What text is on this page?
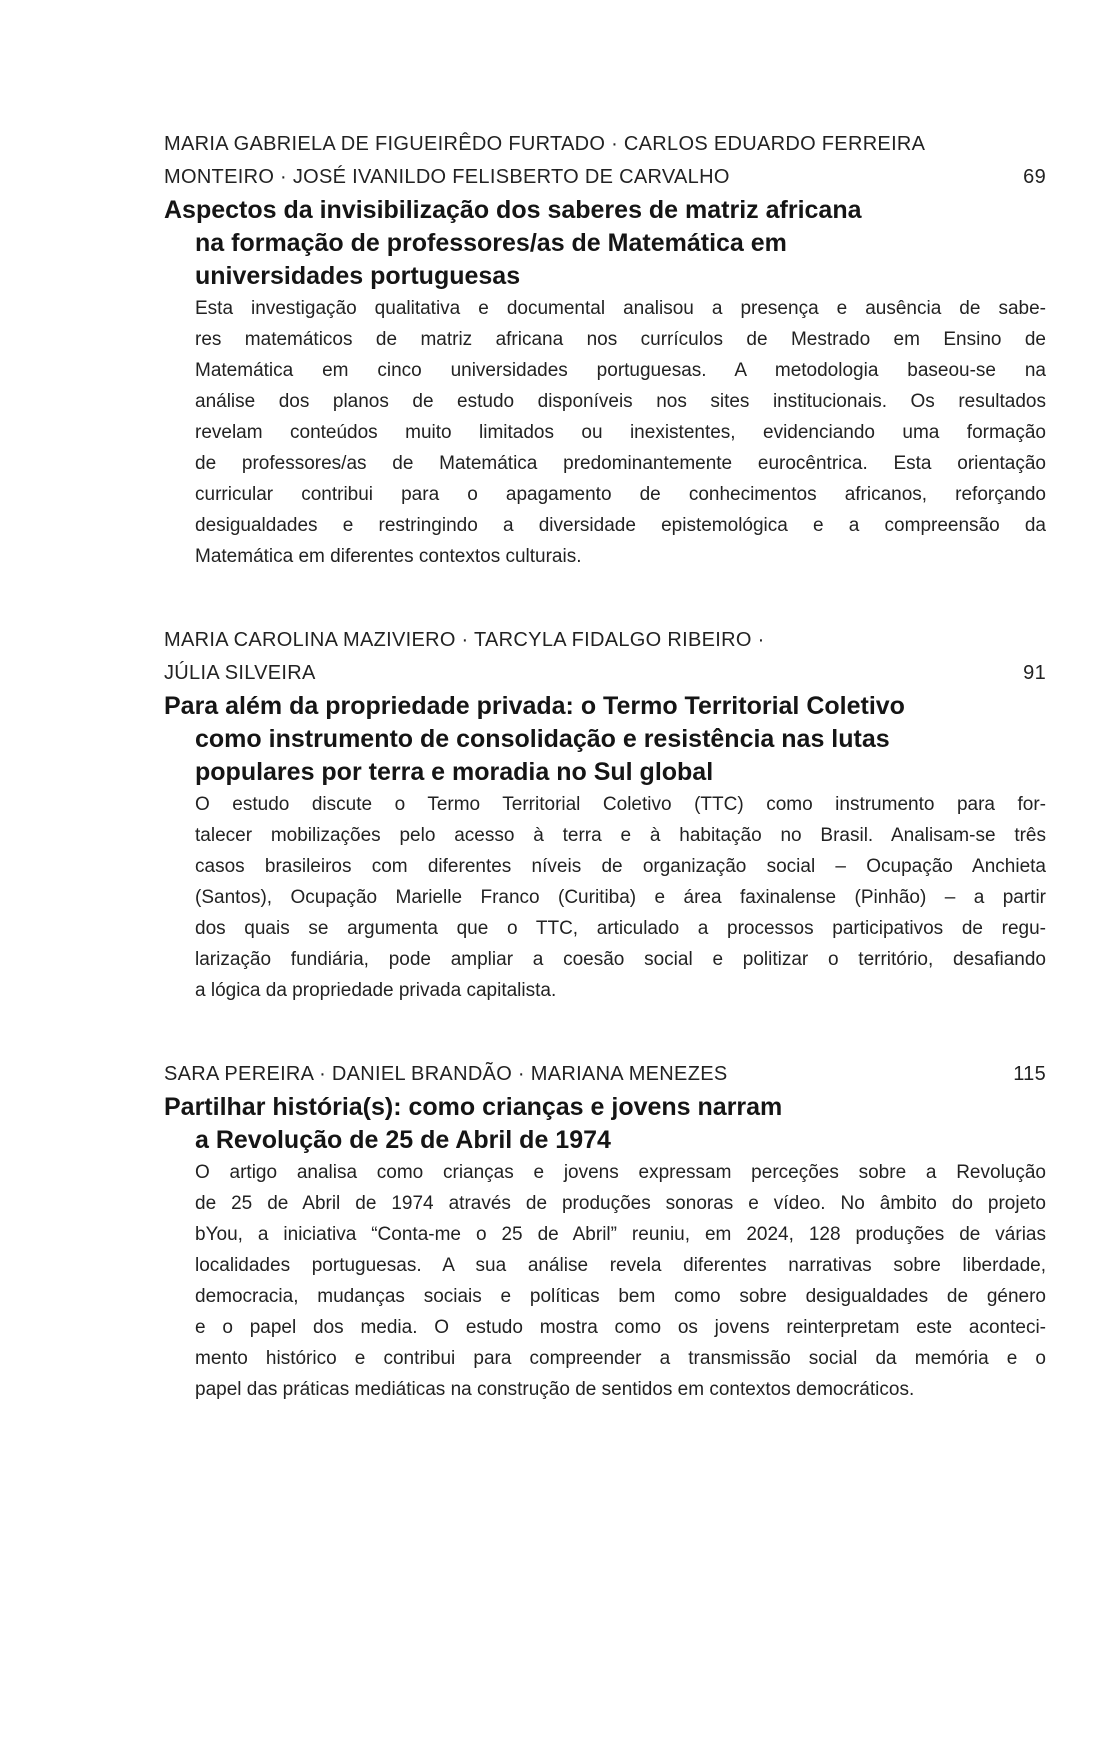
MARIA GABRIELA DE FIGUEIRÊDO FURTADO · CARLOS EDUARDO FERREIRA
MONTEIRO · JOSÉ IVANILDO FELISBERTO DE CARVALHO	69
Aspectos da invisibilização dos saberes de matriz africana
na formação de professores/as de Matemática em
universidades portuguesas

Esta investigação qualitativa e documental analisou a presença e ausência de sabe-
res matemáticos de matriz africana nos currículos de Mestrado em Ensino de
Matemática em cinco universidades portuguesas. A metodologia baseou-se na
análise dos planos de estudo disponíveis nos sites institucionais. Os resultados
revelam conteúdos muito limitados ou inexistentes, evidenciando uma formação
de professores/as de Matemática predominantemente eurocêntrica. Esta orientação
curricular contribui para o apagamento de conhecimentos africanos, reforçando
desigualdades e restringindo a diversidade epistemológica e a compreensão da
Matemática em diferentes contextos culturais.

MARIA CAROLINA MAZIVIERO · TARCYLA FIDALGO RIBEIRO ·
JÚLIA SILVEIRA	91
Para além da propriedade privada: o Termo Territorial Coletivo
como instrumento de consolidação e resistência nas lutas
populares por terra e moradia no Sul global

O estudo discute o Termo Territorial Coletivo (TTC) como instrumento para for-
talecer mobilizações pelo acesso à terra e à habitação no Brasil. Analisam-se três
casos brasileiros com diferentes níveis de organização social – Ocupação Anchieta
(Santos), Ocupação Marielle Franco (Curitiba) e área faxinalense (Pinhão) – a partir
dos quais se argumenta que o TTC, articulado a processos participativos de regu-
larização fundiária, pode ampliar a coesão social e politizar o território, desafiando
a lógica da propriedade privada capitalista.

SARA PEREIRA · DANIEL BRANDÃO · MARIANA MENEZES	115
Partilhar história(s): como crianças e jovens narram
a Revolução de 25 de Abril de 1974

O artigo analisa como crianças e jovens expressam perceções sobre a Revolução
de 25 de Abril de 1974 através de produções sonoras e vídeo. No âmbito do projeto
bYou, a iniciativa “Conta-me o 25 de Abril” reuniu, em 2024, 128 produções de várias
localidades portuguesas. A sua análise revela diferentes narrativas sobre liberdade,
democracia, mudanças sociais e políticas bem como sobre desigualdades de género
e o papel dos media. O estudo mostra como os jovens reinterpretam este aconteci-
mento histórico e contribui para compreender a transmissão social da memória e o
papel das práticas mediáticas na construção de sentidos em contextos democráticos.
